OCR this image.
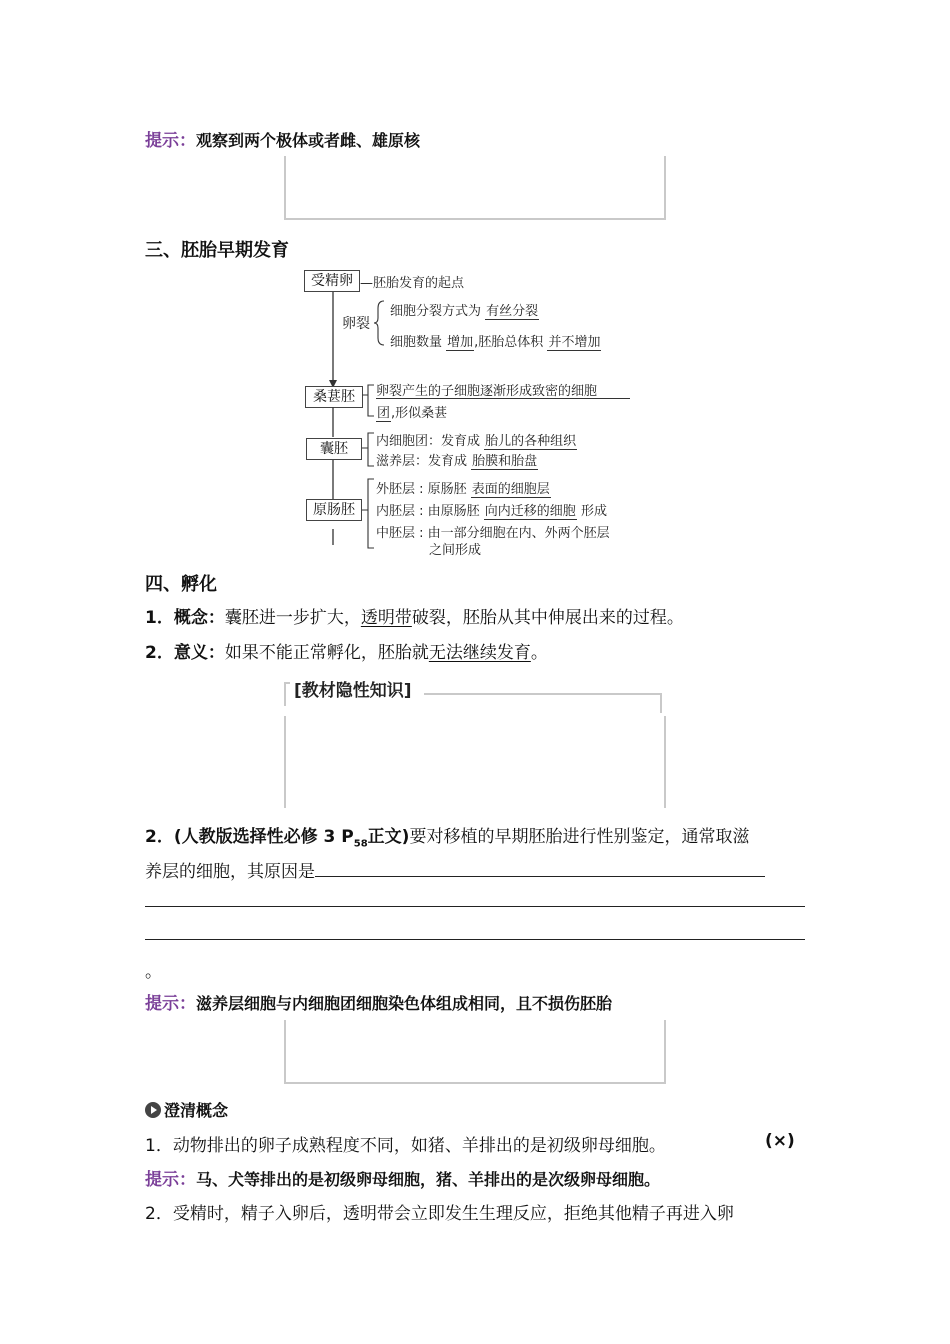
提示：观察到两个极体或者雌、雄原核
三、胚胎早期发育
受精卵 —胚胎发育的起点
卵裂
细胞分裂方式为 有丝分裂
细胞数量 增加,胚胎总体积 并不增加
桑葚胚	卵裂产生的子细胞逐渐形成致密的细胞
团,形似桑葚
囊胚	内细胞团：发育成 胎儿的各种组织
滋养层：发育成 胎膜和胎盘
原肠胚
外胚层 : 原肠胚 表面的细胞层
内胚层 : 由原肠胚 向内迁移的细胞 形成
中胚层 : 由一部分细胞在内、外两个胚层
之间形成
四、孵化
1．概念：囊胚进一步扩大，透明带破裂，胚胎从其中伸展出来的过程。
2．意义：如果不能正常孵化，胚胎就无法继续发育。
[教材隐性知识]
2．(人教版选择性必修 3 $P_{58}$正文)要对移植的早期胚胎进行性别鉴定，通常取滋
养层的细胞，其原因是
。
提示：滋养层细胞与内细胞团细胞染色体组成相同，且不损伤胚胎
澄清概念
1．动物排出的卵子成熟程度不同，如猪、羊排出的是初级卵母细胞。	(×)
提示：马、犬等排出的是初级卵母细胞，猪、羊排出的是次级卵母细胞。
2．受精时，精子入卵后，透明带会立即发生生理反应，拒绝其他精子再进入卵
